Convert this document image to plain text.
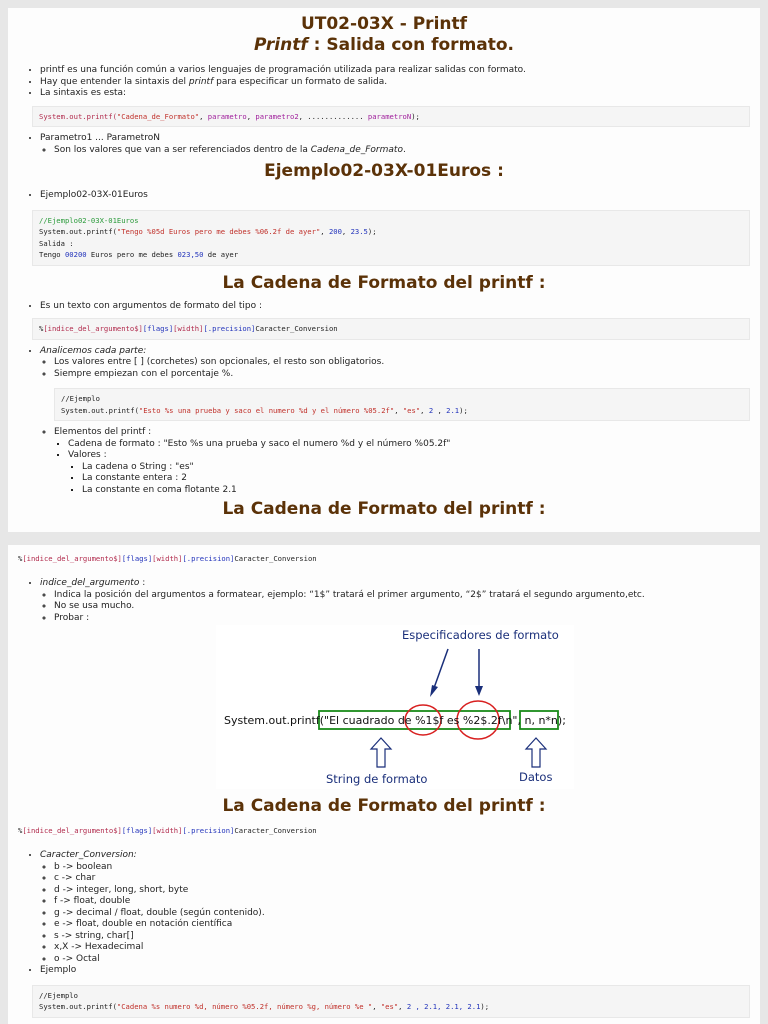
UT02-03X - Printf
Printf : Salida con formato.
• printf es una función común a varios lenguajes de programación utilizada para realizar salidas con formato.
• Hay que entender la sintaxis del printf para especificar un formato de salida.
• La sintaxis es esta:
System.out.printf("Cadena_de_Formato", parametro, parametro2, ............. parametroN);
• Parametro1 ... ParametroN
◦ Son los valores que van a ser referenciados dentro de la Cadena_de_Formato.
Ejemplo02-03X-01Euros :
• Ejemplo02-03X-01Euros
//Ejemplo02-03X-01Euros
System.out.printf("Tengo %05d Euros pero me debes %06.2f de ayer", 200, 23.5);
Salida :
Tengo 00200 Euros pero me debes 023,50 de ayer
La Cadena de Formato del printf :
• Es un texto con argumentos de formato del tipo :
%[indice_del_argumento$][flags][width][.precision]Caracter_Conversion
• Analicemos cada parte:
◦ Los valores entre [ ] (corchetes) son opcionales, el resto son obligatorios.
◦ Siempre empiezan con el porcentaje %.
//Ejemplo
System.out.printf("Esto %s una prueba y saco el numero %d y el número %05.2f", "es", 2 , 2.1);
◦ Elementos del printf :
▪ Cadena de formato : "Esto %s una prueba y saco el numero %d y el número %05.2f"
▪ Valores :
▪ La cadena o String : "es"
▪ La constante entera : 2
▪ La constante en coma flotante 2.1
La Cadena de Formato del printf :
%[indice_del_argumento$][flags][width][.precision]Caracter_Conversion
• indice_del_argumento :
◦ Indica la posición del argumentos a formatear, ejemplo: “1$” tratará el primer argumento, “2$” tratará el segundo argumento,etc.
◦ No se usa mucho.
◦ Probar :
Especificadores de formato
System.out.printf("El cuadrado de %1$f es %2$.2f\n", n, n*n);
String de formato	Datos
La Cadena de Formato del printf :
%[indice_del_argumento$][flags][width][.precision]Caracter_Conversion
• Caracter_Conversion:
◦ b -> boolean
◦ c -> char
◦ d -> integer, long, short, byte
◦ f -> float, double
◦ g -> decimal / float, double (según contenido).
◦ e -> float, double en notación científica
◦ s -> string, char[]
◦ x,X -> Hexadecimal
◦ o -> Octal
• Ejemplo
//Ejemplo
System.out.printf("Cadena %s numero %d, número %05.2f, número %g, número %e ", "es", 2 , 2.1, 2.1, 2.1);
